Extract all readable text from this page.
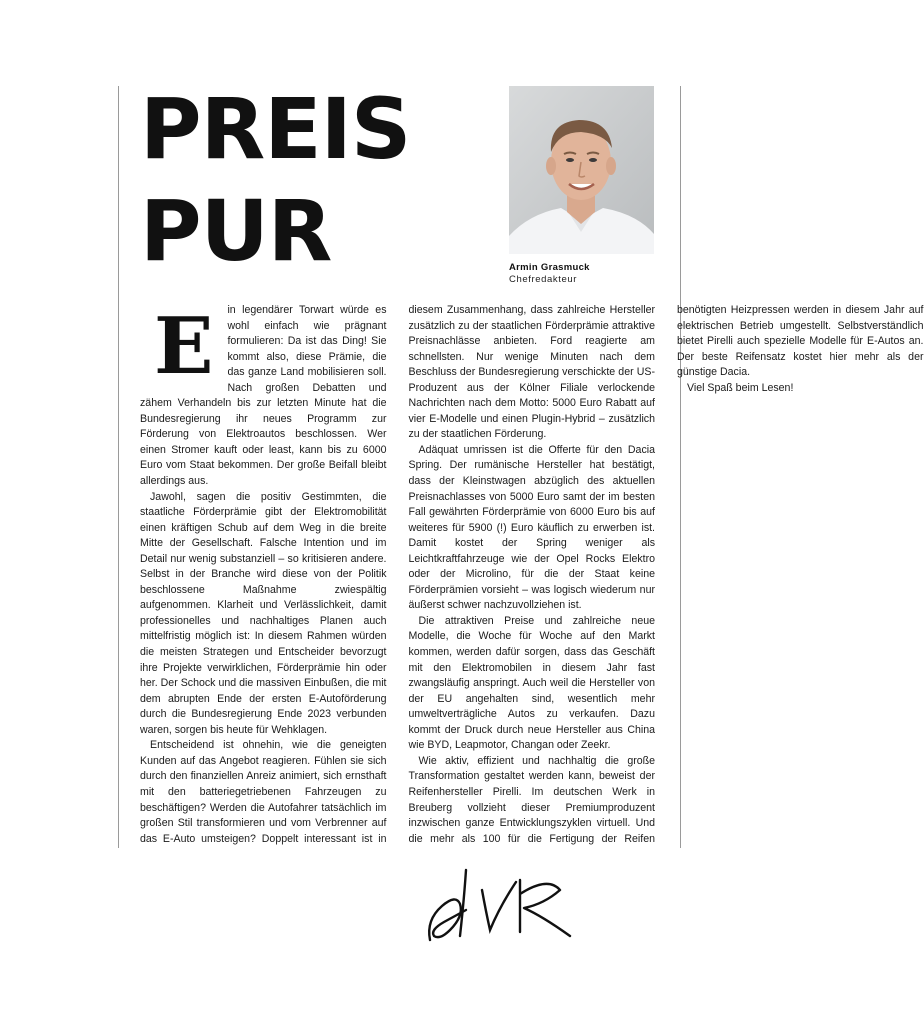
PREIS
PUR	Armin Grasmuck
Chefredakteur

E in legendärer Torwart würde es wohl einfach wie prägnant formulieren: Da ist das Ding! Sie kommt also, diese Prämie, die das ganze Land mobilisieren soll. Nach großen Debatten und zähem Verhandeln bis zur letzten Minute hat die Bundesregierung ihr neues Programm zur Förderung von Elektroautos beschlossen. Wer einen Stromer kauft oder least, kann bis zu 6000 Euro vom Staat bekommen. Der große Beifall bleibt allerdings aus.

Jawohl, sagen die positiv Gestimmten, die staatliche Förderprämie gibt der Elektromobilität einen kräftigen Schub auf dem Weg in die breite Mitte der Gesellschaft. Falsche Intention und im Detail nur wenig substanziell – so kritisieren andere. Selbst in der Branche wird diese von der Politik beschlossene Maßnahme zwiespältig aufgenommen. Klarheit und Verlässlichkeit, damit professionelles und nachhaltiges Planen auch mittelfristig möglich ist: In diesem Rahmen würden die meisten Strategen und Entscheider bevorzugt ihre Projekte verwirklichen, Förderprämie hin oder her. Der Schock und die massiven Einbußen, die mit dem abrupten Ende der ersten E-Autoförderung durch die Bundesregierung Ende 2023 verbunden waren, sorgen bis heute für Wehklagen.

Entscheidend ist ohnehin, wie die geneigten Kunden auf das Angebot reagieren. Fühlen sie sich durch den finanziellen Anreiz animiert, sich ernsthaft mit den batteriegetriebenen Fahrzeugen zu beschäftigen? Werden die Autofahrer tatsächlich im großen Stil transformieren und vom Verbrenner auf das E-Auto umsteigen? Doppelt interessant ist in diesem Zusammenhang, dass zahlreiche Hersteller zusätzlich zu der staatlichen Förderprämie attraktive Preisnachlässe anbieten. Ford reagierte am schnellsten. Nur wenige Minuten nach dem Beschluss der Bundesregierung verschickte der US-Produzent aus der Kölner Filiale verlockende Nachrichten nach dem Motto: 5000 Euro Rabatt auf vier E-Modelle und einen Plugin-Hybrid – zusätzlich zu der staatlichen Förderung.

Adäquat umrissen ist die Offerte für den Dacia Spring. Der rumänische Hersteller hat bestätigt, dass der Kleinstwagen abzüglich des aktuellen Preisnachlasses von 5000 Euro samt der im besten Fall gewährten Förderprämie von 6000 Euro bis auf weiteres für 5900 (!) Euro käuflich zu erwerben ist. Damit kostet der Spring weniger als Leichtkraftfahrzeuge wie der Opel Rocks Elektro oder der Microlino, für die der Staat keine Förderprämien vorsieht – was logisch wiederum nur äußerst schwer nachzuvollziehen ist.

Die attraktiven Preise und zahlreiche neue Modelle, die Woche für Woche auf den Markt kommen, werden dafür sorgen, dass das Geschäft mit den Elektromobilen in diesem Jahr fast zwangsläufig anspringt. Auch weil die Hersteller von der EU angehalten sind, wesentlich mehr umweltverträgliche Autos zu verkaufen. Dazu kommt der Druck durch neue Hersteller aus China wie BYD, Leapmotor, Changan oder Zeekr.

Wie aktiv, effizient und nachhaltig die große Transformation gestaltet werden kann, beweist der Reifenhersteller Pirelli. Im deutschen Werk in Breuberg vollzieht dieser Premiumproduzent inzwischen ganze Entwicklungszyklen virtuell. Und die mehr als 100 für die Fertigung der Reifen benötigten Heizpressen werden in diesem Jahr auf elektrischen Betrieb umgestellt. Selbstverständlich bietet Pirelli auch spezielle Modelle für E-Autos an. Der beste Reifensatz kostet hier mehr als der günstige Dacia.

Viel Spaß beim Lesen!
